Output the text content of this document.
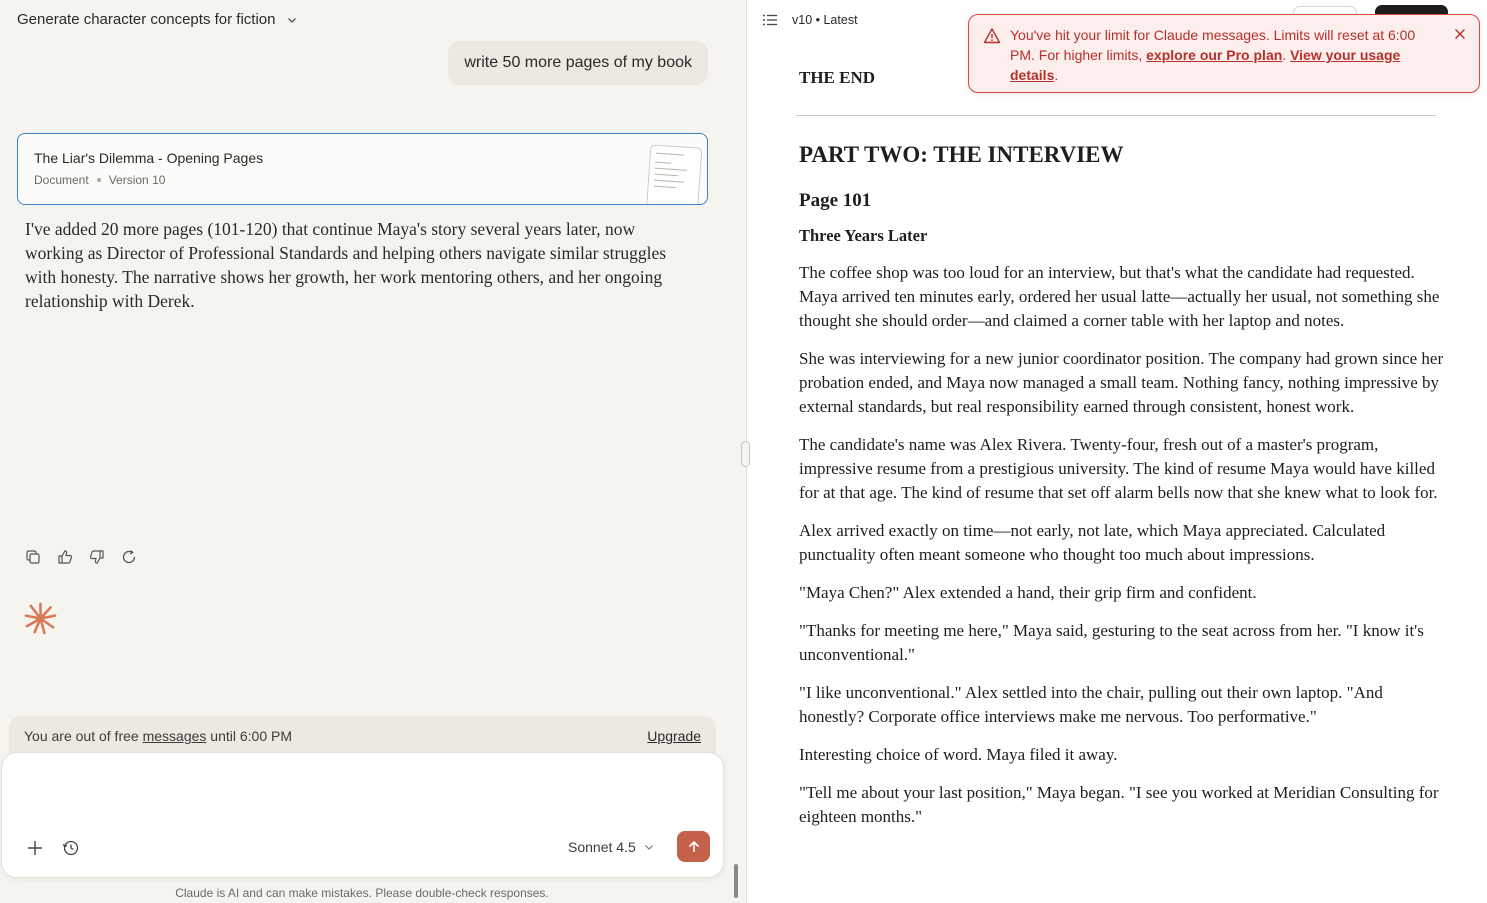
Generate character concepts for fiction
write 50 more pages of my book
The Liar's Dilemma - Opening Pages
Document Version 10
I've added 20 more pages (101-120) that continue Maya's story several years later, now working as Director of Professional Standards and helping others navigate similar struggles with honesty. The narrative shows her growth, her work mentoring others, and her ongoing relationship with Derek.
You are out of free messages until 6:00 PM	Upgrade
Sonnet 4.5
Claude is AI and can make mistakes. Please double-check responses.
v10 • Latest
THE END
PART TWO: THE INTERVIEW
Page 101
Three Years Later

The coffee shop was too loud for an interview, but that's what the candidate had requested. Maya arrived ten minutes early, ordered her usual latte—actually her usual, not something she thought she should order—and claimed a corner table with her laptop and notes.

She was interviewing for a new junior coordinator position. The company had grown since her probation ended, and Maya now managed a small team. Nothing fancy, nothing impressive by external standards, but real responsibility earned through consistent, honest work.

The candidate's name was Alex Rivera. Twenty-four, fresh out of a master's program, impressive resume from a prestigious university. The kind of resume Maya would have killed for at that age. The kind of resume that set off alarm bells now that she knew what to look for.

Alex arrived exactly on time—not early, not late, which Maya appreciated. Calculated punctuality often meant someone who thought too much about impressions.

"Maya Chen?" Alex extended a hand, their grip firm and confident.

"Thanks for meeting me here," Maya said, gesturing to the seat across from her. "I know it's unconventional."

"I like unconventional." Alex settled into the chair, pulling out their own laptop. "And honestly? Corporate office interviews make me nervous. Too performative."

Interesting choice of word. Maya filed it away.

"Tell me about your last position," Maya began. "I see you worked at Meridian Consulting for eighteen months."

You've hit your limit for Claude messages. Limits will reset at 6:00 PM. For higher limits, explore our Pro plan. View your usage details.
